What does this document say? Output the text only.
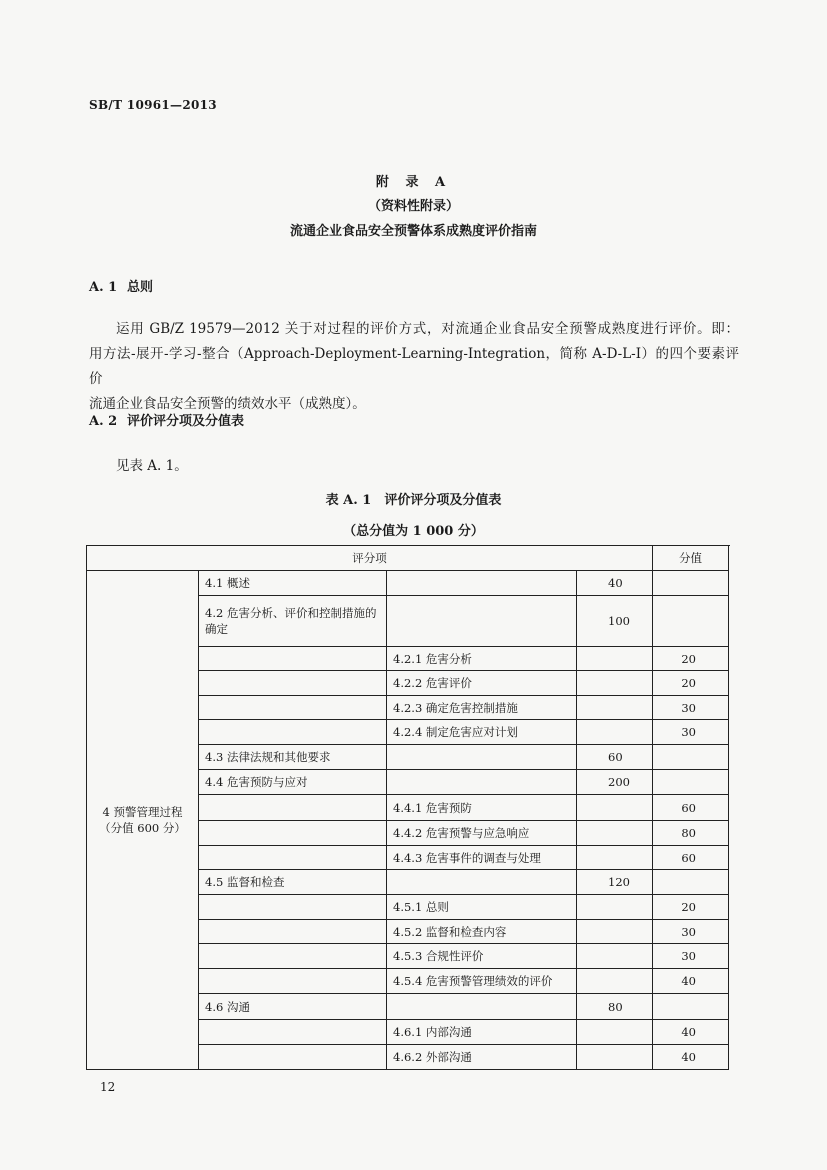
SB/T 10961—2013
附 录 A
（资料性附录）
流通企业食品安全预警体系成熟度评价指南
A. 1 总则
运用 GB/Z 19579—2012 关于对过程的评价方式，对流通企业食品安全预警成熟度进行评价。即：
用方法-展开-学习-整合（Approach-Deployment-Learning-Integration，简称 A-D-L-I）的四个要素评价
流通企业食品安全预警的绩效水平（成熟度）。
A. 2 评价评分项及分值表
见表 A. 1。
表 A. 1　评价评分项及分值表
（总分值为 1 000 分）
评分项				分值

4 预警管理过程
（分值 600 分）	4.1 概述		40	
	4.2 危害分析、评价和控制措施的确定		100	
		4.2.1 危害分析		20
		4.2.2 危害评价		20
		4.2.3 确定危害控制措施		30
		4.2.4 制定危害应对计划		30
	4.3 法律法规和其他要求		60	
	4.4 危害预防与应对		200	
		4.4.1 危害预防		60
		4.4.2 危害预警与应急响应		80
		4.4.3 危害事件的调查与处理		60
	4.5 监督和检查		120	
		4.5.1 总则		20
		4.5.2 监督和检查内容		30
		4.5.3 合规性评价		30
		4.5.4 危害预警管理绩效的评价		40
	4.6 沟通		80	
		4.6.1 内部沟通		40
		4.6.2 外部沟通		40
12
